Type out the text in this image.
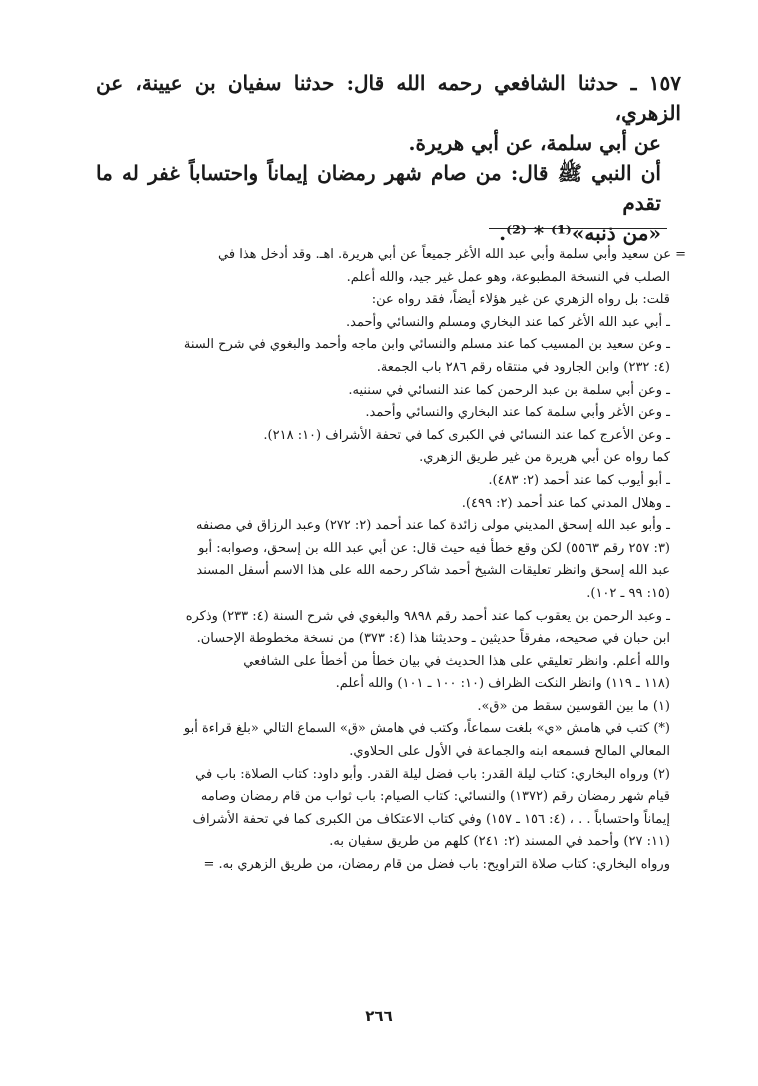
١٥٧ ـ حدثنا الشافعي رحمه الله قال: حدثنا سفيان بن عيينة، عن الزهري،

عن أبي سلمة، عن أبي هريرة.

أن النبي ﷺ قال: من صام شهر رمضان إيماناً واحتساباً غفر له ما تقدم

«من ذنبه»⁽¹⁾ * ⁽²⁾.

= عن سعيد وأبي سلمة وأبي عبد الله الأغر جميعاً عن أبي هريرة. اهـ. وقد أدخل هذا في

الصلب في النسخة المطبوعة، وهو عمل غير جيد، والله أعلم.

قلت: بل رواه الزهري عن غير هؤلاء أيضاً، فقد رواه عن:

ـ أبي عبد الله الأغر كما عند البخاري ومسلم والنسائي وأحمد.

ـ وعن سعيد بن المسيب كما عند مسلم والنسائي وابن ماجه وأحمد والبغوي في شرح السنة

(٤: ٢٣٢) وابن الجارود في منتقاه رقم ٢٨٦ باب الجمعة.

ـ وعن أبي سلمة بن عبد الرحمن كما عند النسائي في سننيه.

ـ وعن الأغر وأبي سلمة كما عند البخاري والنسائي وأحمد.

ـ وعن الأعرج كما عند النسائي في الكبرى كما في تحفة الأشراف (١٠: ٢١٨).

كما رواه عن أبي هريرة من غير طريق الزهري.

ـ أبو أيوب كما عند أحمد (٢: ٤٨٣).

ـ وهلال المدني كما عند أحمد (٢: ٤٩٩).

ـ وأبو عبد الله إسحق المديني مولى زائدة كما عند أحمد (٢: ٢٧٢) وعبد الرزاق في مصنفه

(٣: ٢٥٧ رقم ٥٥٦٣) لكن وقع خطأ فيه حيث قال: عن أبي عبد الله بن إسحق، وصوابه: أبو

عبد الله إسحق وانظر تعليقات الشيخ أحمد شاكر رحمه الله على هذا الاسم أسفل المسند

(١٥: ٩٩ ـ ١٠٢).

ـ وعبد الرحمن بن يعقوب كما عند أحمد رقم ٩٨٩٨ والبغوي في شرح السنة (٤: ٢٣٣) وذكره

ابن حبان في صحيحه، مفرقاً حديثين ـ وحديثنا هذا (٤: ٣٧٣) من نسخة مخطوطة الإحسان.

والله أعلم. وانظر تعليقي على هذا الحديث في بيان خطأ من أخطأ على الشافعي

(١١٨ ـ ١١٩) وانظر النكت الظراف (١٠: ١٠٠ ـ ١٠١) والله أعلم.

(١) ما بين القوسين سقط من «ق».

(*) كتب في هامش «ي» بلغت سماعاً، وكتب في هامش «ق» السماع التالي «بلغ قراءة أبو

المعالي المالح فسمعه ابنه والجماعة في الأول على الحلاوي.

(٢) ورواه البخاري: كتاب ليلة القدر: باب فضل ليلة القدر. وأبو داود: كتاب الصلاة: باب في

قيام شهر رمضان رقم (١٣٧٢) والنسائي: كتاب الصيام: باب ثواب من قام رمضان وصامه

إيماناً واحتساباً . . ، (٤: ١٥٦ ـ ١٥٧) وفي كتاب الاعتكاف من الكبرى كما في تحفة الأشراف

(١١: ٢٧) وأحمد في المسند (٢: ٢٤١) كلهم من طريق سفيان به.

ورواه البخاري: كتاب صلاة التراويح: باب فضل من قام رمضان، من طريق الزهري به. =

٢٦٦
